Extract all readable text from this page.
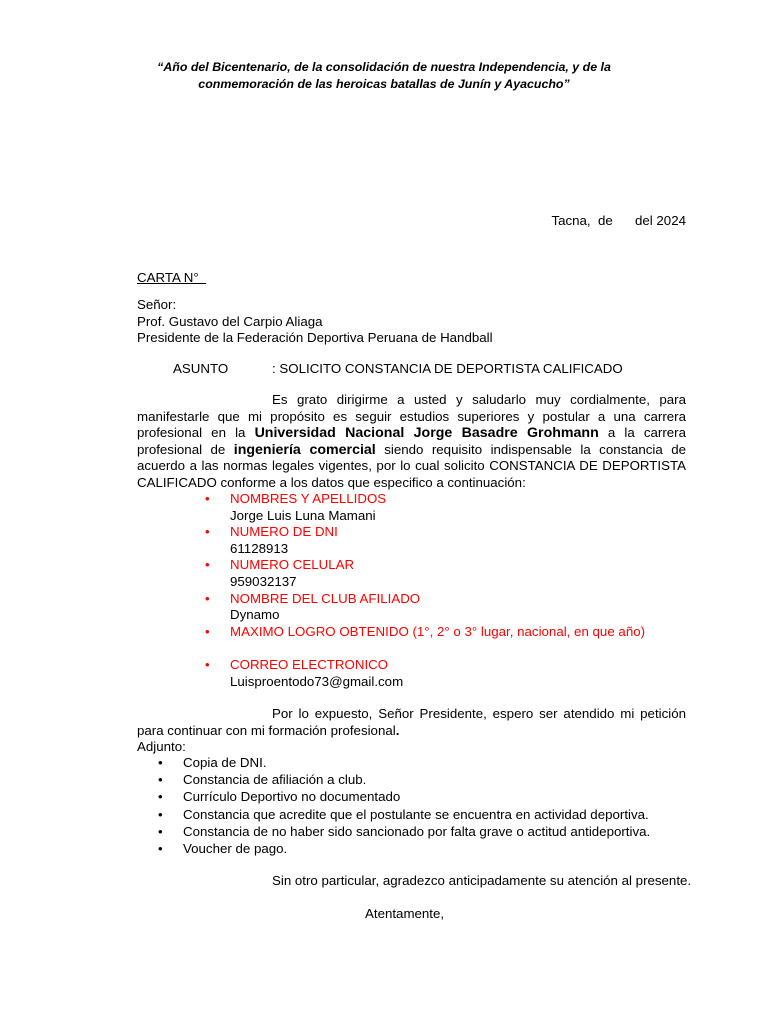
“Año del Bicentenario, de la consolidación de nuestra Independencia, y de la conmemoración de las heroicas batallas de Junín y Ayacucho”
Tacna,  de      del 2024
CARTA N°
Señor:
Prof. Gustavo del Carpio Aliaga
Presidente de la Federación Deportiva Peruana de Handball
ASUNTO	: SOLICITO CONSTANCIA DE DEPORTISTA CALIFICADO

Es grato dirigirme a usted y saludarlo muy cordialmente, para manifestarle que mi propósito es seguir estudios superiores y postular a una carrera profesional en la Universidad Nacional Jorge Basadre Grohmann a la carrera profesional de ingeniería comercial siendo requisito indispensable la constancia de acuerdo a las normas legales vigentes, por lo cual solicito CONSTANCIA DE DEPORTISTA CALIFICADO conforme a los datos que especifico a continuación:

• NOMBRES Y APELLIDOS
Jorge Luis Luna Mamani
• NUMERO DE DNI
61128913
• NUMERO CELULAR
959032137
• NOMBRE DEL CLUB AFILIADO
Dynamo
• MAXIMO LOGRO OBTENIDO (1°, 2° o 3° lugar, nacional, en que año)
• CORREO ELECTRONICO
Luisproentodo73@gmail.com

Por lo expuesto, Señor Presidente, espero ser atendido mi petición para continuar con mi formación profesional.

Adjunto:
• Copia de DNI.
• Constancia de afiliación a club.
• Currículo Deportivo no documentado
• Constancia que acredite que el postulante se encuentra en actividad deportiva.
• Constancia de no haber sido sancionado por falta grave o actitud antideportiva.
• Voucher de pago.
Sin otro particular, agradezco anticipadamente su atención al presente.
Atentamente,
